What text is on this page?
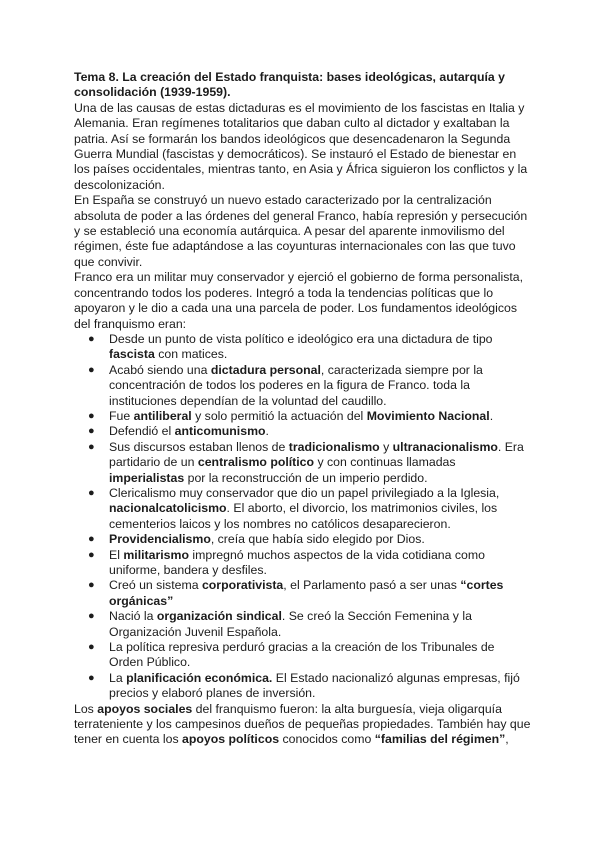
Tema 8. La creación del Estado franquista: bases ideológicas, autarquía y consolidación (1939-1959).

Una de las causas de estas dictaduras es el movimiento de los fascistas en Italia y Alemania. Eran regímenes totalitarios que daban culto al dictador y exaltaban la patria. Así se formarán los bandos ideológicos que desencadenaron la Segunda Guerra Mundial (fascistas y democráticos). Se instauró el Estado de bienestar en los países occidentales, mientras tanto, en Asia y África siguieron los conflictos y la descolonización.

En España se construyó un nuevo estado caracterizado por la centralización absoluta de poder a las órdenes del general Franco, había represión y persecución y se estableció una economía autárquica. A pesar del aparente inmovilismo del régimen, éste fue adaptándose a las coyunturas internacionales con las que tuvo que convivir.

Franco era un militar muy conservador y ejerció el gobierno de forma personalista, concentrando todos los poderes. Integró a toda la tendencias políticas que lo apoyaron y le dio a cada una una parcela de poder. Los fundamentos ideológicos del franquismo eran:

● Desde un punto de vista político e ideológico era una dictadura de tipo fascista con matices.
● Acabó siendo una dictadura personal, caracterizada siempre por la concentración de todos los poderes en la figura de Franco. toda la instituciones dependían de la voluntad del caudillo.
● Fue antiliberal y solo permitió la actuación del Movimiento Nacional.
● Defendió el anticomunismo.
● Sus discursos estaban llenos de tradicionalismo y ultranacionalismo. Era partidario de un centralismo político y con continuas llamadas imperialistas por la reconstrucción de un imperio perdido.
● Clericalismo muy conservador que dio un papel privilegiado a la Iglesia, nacionalcatolicismo. El aborto, el divorcio, los matrimonios civiles, los cementerios laicos y los nombres no católicos desaparecieron.
● Providencialismo, creía que había sido elegido por Dios.
● El militarismo impregnó muchos aspectos de la vida cotidiana como uniforme, bandera y desfiles.
● Creó un sistema corporativista, el Parlamento pasó a ser unas “cortes orgánicas”
● Nació la organización sindical. Se creó la Sección Femenina y la Organización Juvenil Española.
● La política represiva perduró gracias a la creación de los Tribunales de Orden Público.
● La planificación económica. El Estado nacionalizó algunas empresas, fijó precios y elaboró planes de inversión.

Los apoyos sociales del franquismo fueron: la alta burguesía, vieja oligarquía terrateniente y los campesinos dueños de pequeñas propiedades. También hay que tener en cuenta los apoyos políticos conocidos como “familias del régimen”,
